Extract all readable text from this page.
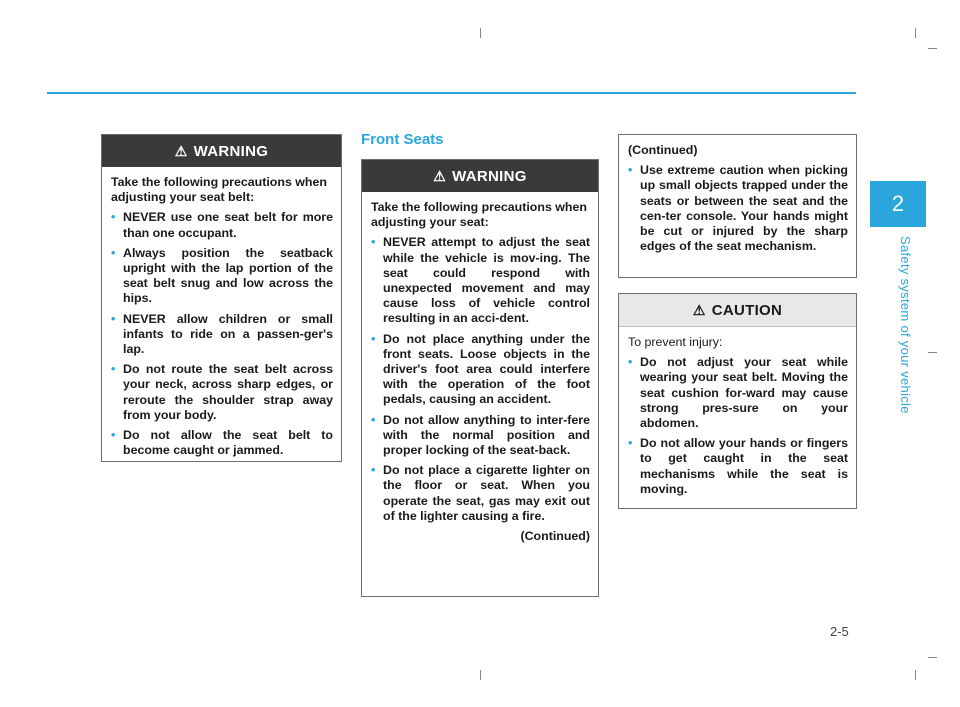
2
Safety system of your vehicle
2-5
Front Seats
⚠ WARNING

Take the following precautions when adjusting your seat belt:

• NEVER use one seat belt for more than one occupant.
• Always position the seatback upright with the lap portion of the seat belt snug and low across the hips.
• NEVER allow children or small infants to ride on a passen-ger's lap.
• Do not route the seat belt across your neck, across sharp edges, or reroute the shoulder strap away from your body.
• Do not allow the seat belt to become caught or jammed.
⚠ WARNING

Take the following precautions when adjusting your seat:

• NEVER attempt to adjust the seat while the vehicle is mov-ing. The seat could respond with unexpected movement and may cause loss of vehicle control resulting in an acci-dent.
• Do not place anything under the front seats. Loose objects in the driver's foot area could interfere with the operation of the foot pedals, causing an accident.
• Do not allow anything to inter-fere with the normal position and proper locking of the seat-back.
• Do not place a cigarette lighter on the floor or seat. When you operate the seat, gas may exit out of the lighter causing a fire.

(Continued)

(Continued)

• Use extreme caution when picking up small objects trapped under the seats or between the seat and the cen-ter console. Your hands might be cut or injured by the sharp edges of the seat mechanism.
⚠ CAUTION

To prevent injury:

• Do not adjust your seat while wearing your seat belt. Moving the seat cushion for-ward may cause strong pres-sure on your abdomen.
• Do not allow your hands or fingers to get caught in the seat mechanisms while the seat is moving.
